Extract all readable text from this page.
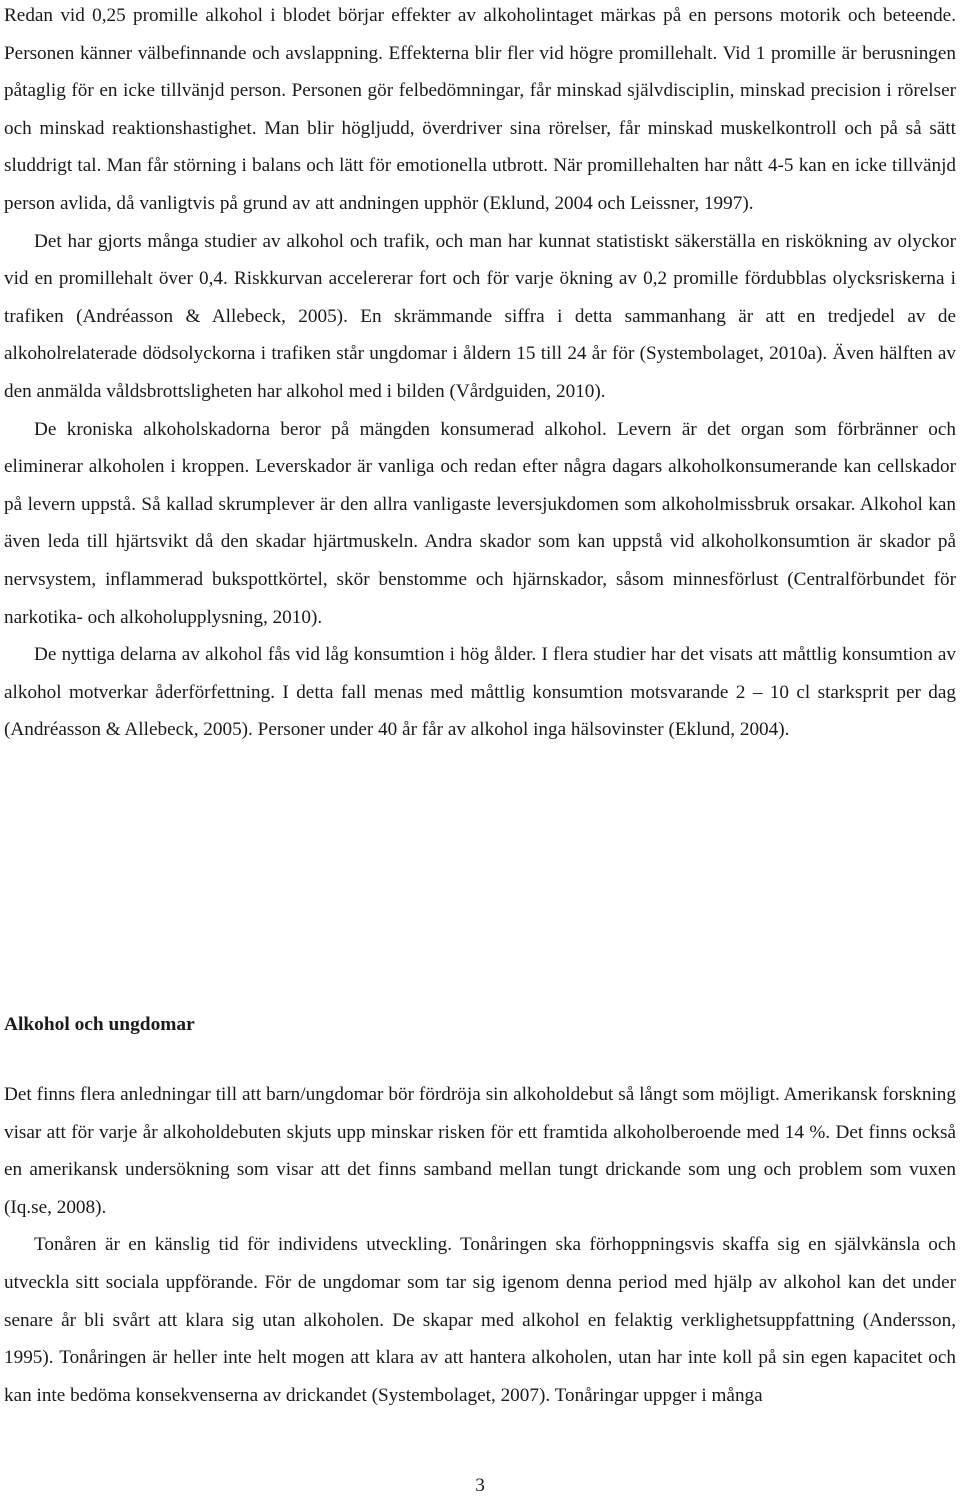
Redan vid 0,25 promille alkohol i blodet börjar effekter av alkoholintaget märkas på en persons motorik och beteende. Personen känner välbefinnande och avslappning. Effekterna blir fler vid högre promillehalt. Vid 1 promille är berusningen påtaglig för en icke tillvänjd person. Personen gör felbedömningar, får minskad självdisciplin, minskad precision i rörelser och minskad reaktionshastighet. Man blir högljudd, överdriver sina rörelser, får minskad muskelkontroll och på så sätt sluddrigt tal. Man får störning i balans och lätt för emotionella utbrott. När promillehalten har nått 4-5 kan en icke tillvänjd person avlida, då vanligtvis på grund av att andningen upphör (Eklund, 2004 och Leissner, 1997).

Det har gjorts många studier av alkohol och trafik, och man har kunnat statistiskt säkerställa en riskökning av olyckor vid en promillehalt över 0,4. Riskkurvan accelererar fort och för varje ökning av 0,2 promille fördubblas olycksriskerna i trafiken (Andréasson & Allebeck, 2005). En skrämmande siffra i detta sammanhang är att en tredjedel av de alkoholrelaterade dödsolyckorna i trafiken står ungdomar i åldern 15 till 24 år för (Systembolaget, 2010a). Även hälften av den anmälda våldsbrottsligheten har alkohol med i bilden (Vårdguiden, 2010).

De kroniska alkoholskadorna beror på mängden konsumerad alkohol. Levern är det organ som förbränner och eliminerar alkoholen i kroppen. Leverskador är vanliga och redan efter några dagars alkoholkonsumerande kan cellskador på levern uppstå. Så kallad skrumplever är den allra vanligaste leversjukdomen som alkoholmissbruk orsakar. Alkohol kan även leda till hjärtsvikt då den skadar hjärtmuskeln. Andra skador som kan uppstå vid alkoholkonsumtion är skador på nervsystem, inflammerad bukspottkörtel, skör benstomme och hjärnskador, såsom minnesförlust (Centralförbundet för narkotika- och alkoholupplysning, 2010).

De nyttiga delarna av alkohol fås vid låg konsumtion i hög ålder. I flera studier har det visats att måttlig konsumtion av alkohol motverkar åderförfettning. I detta fall menas med måttlig konsumtion motsvarande 2 – 10 cl starksprit per dag (Andréasson & Allebeck, 2005). Personer under 40 år får av alkohol inga hälsovinster (Eklund, 2004).

Alkohol och ungdomar

Det finns flera anledningar till att barn/ungdomar bör fördröja sin alkoholdebut så långt som möjligt. Amerikansk forskning visar att för varje år alkoholdebuten skjuts upp minskar risken för ett framtida alkoholberoende med 14 %. Det finns också en amerikansk undersökning som visar att det finns samband mellan tungt drickande som ung och problem som vuxen (Iq.se, 2008).

Tonåren är en känslig tid för individens utveckling. Tonåringen ska förhoppningsvis skaffa sig en självkänsla och utveckla sitt sociala uppförande. För de ungdomar som tar sig igenom denna period med hjälp av alkohol kan det under senare år bli svårt att klara sig utan alkoholen. De skapar med alkohol en felaktig verklighetsuppfattning (Andersson, 1995). Tonåringen är heller inte helt mogen att klara av att hantera alkoholen, utan har inte koll på sin egen kapacitet och kan inte bedöma konsekvenserna av drickandet (Systembolaget, 2007). Tonåringar uppger i många

3
